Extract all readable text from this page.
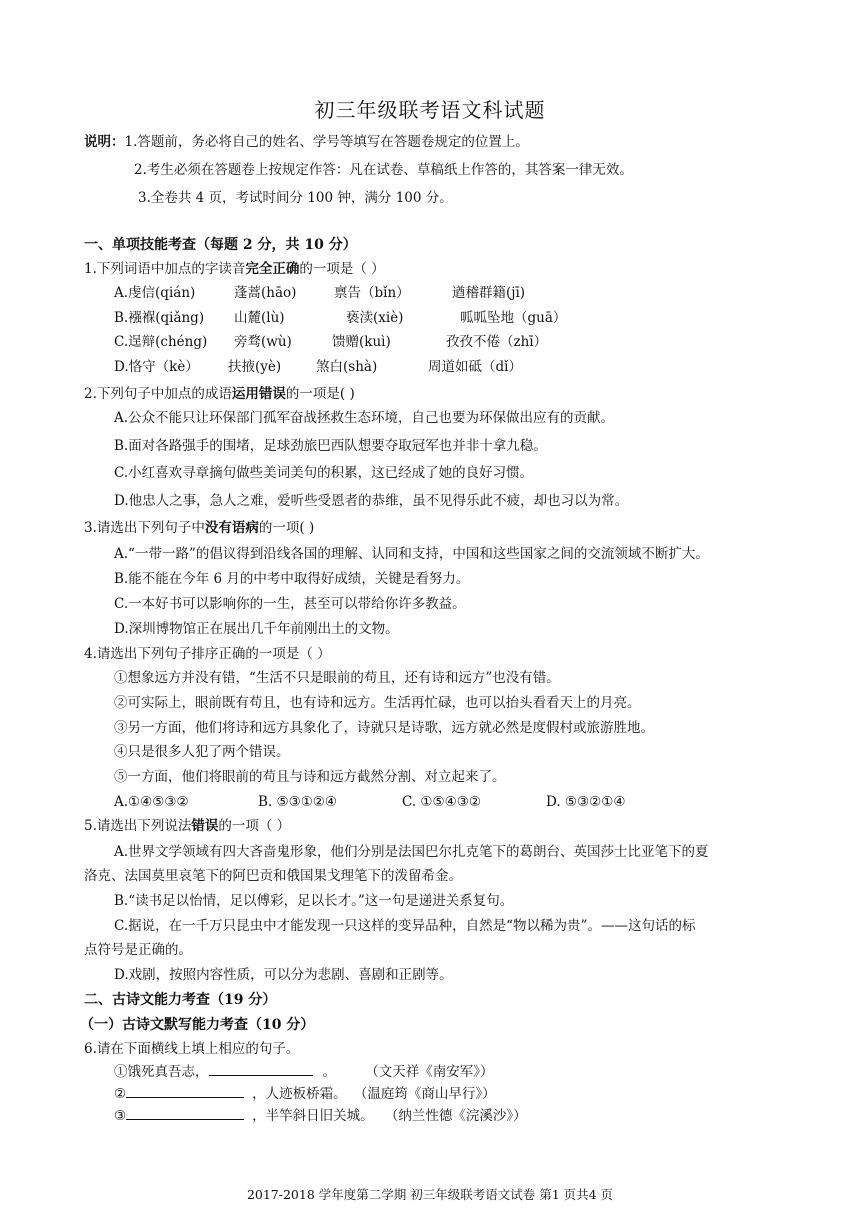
初三年级联考语文科试题
说明：1.答题前，务必将自己的姓名、学号等填写在答题卷规定的位置上。
2.考生必须在答题卷上按规定作答：凡在试卷、草稿纸上作答的，其答案一律无效。
3.全卷共 4 页，考试时间分 100 钟，满分 100 分。
一、单项技能考查（每题 2 分，共 10 分）
1.下列词语中加点的字读音完全正确的一项是（ ）
A.虔信(qián)	蓬蒿(hāo)	禀告（bǐn）	遒稽群籍(jī)
B.襁褓(qiǎng) 山麓(lù)	亵渎(xiè)	呱呱坠地（guā）
C.逞辩(chéng) 旁骛(wù)	馈赠(kuì)	孜孜不倦（zhī）
D.恪守（kè） 扶掖(yè)	煞白(shà)	周道如砥（dǐ）
2.下列句子中加点的成语运用错误的一项是( )
A.公众不能只让环保部门孤军奋战拯救生态环境，自己也要为环保做出应有的贡献。
B.面对各路强手的围堵，足球劲旅巴西队想要夺取冠军也并非十拿九稳。
C.小红喜欢寻章摘句做些美词美句的积累，这已经成了她的良好习惯。
D.他忠人之事，急人之难，爱听些受恩者的恭维，虽不见得乐此不疲，却也习以为常。
3.请选出下列句子中没有语病的一项( )
A.“一带一路”的倡议得到沿线各国的理解、认同和支持，中国和这些国家之间的交流领域不断扩大。
B.能不能在今年 6 月的中考中取得好成绩，关键是看努力。
C.一本好书可以影响你的一生，甚至可以带给你许多教益。
D.深圳博物馆正在展出几千年前刚出土的文物。
4.请选出下列句子排序正确的一项是（ ）
①想象远方并没有错，“生活不只是眼前的苟且，还有诗和远方”也没有错。
②可实际上，眼前既有苟且，也有诗和远方。生活再忙碌，也可以抬头看看天上的月亮。
③另一方面，他们将诗和远方具象化了，诗就只是诗歌，远方就必然是度假村或旅游胜地。
④只是很多人犯了两个错误。
⑤一方面，他们将眼前的苟且与诗和远方截然分割、对立起来了。
A.①④⑤③②	B. ⑤③①②④	C. ①⑤④③②	D. ⑤③②①④
5.请选出下列说法错误的一项（ ）
A.世界文学领域有四大吝啬鬼形象，他们分别是法国巴尔扎克笔下的葛朗台、英国莎士比亚笔下的夏
洛克、法国莫里哀笔下的阿巴贡和俄国果戈理笔下的泼留希金。
B.“读书足以怡情，足以傅彩，足以长才。”这一句是递进关系复句。
C.据说，在一千万只昆虫中才能发现一只这样的变异品种，自然是“物以稀为贵”。——这句话的标
点符号是正确的。
D.戏剧，按照内容性质，可以分为悲剧、喜剧和正剧等。
二、古诗文能力考查（19 分）
（一）古诗文默写能力考查（10 分）
6.请在下面横线上填上相应的句子。
①饿死真吾志，	。	（文天祥《南安军》）
②	，人迹板桥霜。 （温庭筠《商山早行》）
③	，半竿斜日旧关城。 （纳兰性德《浣溪沙》）
2017-2018 学年度第二学期 初三年级联考语文试卷 第1 页共4 页
